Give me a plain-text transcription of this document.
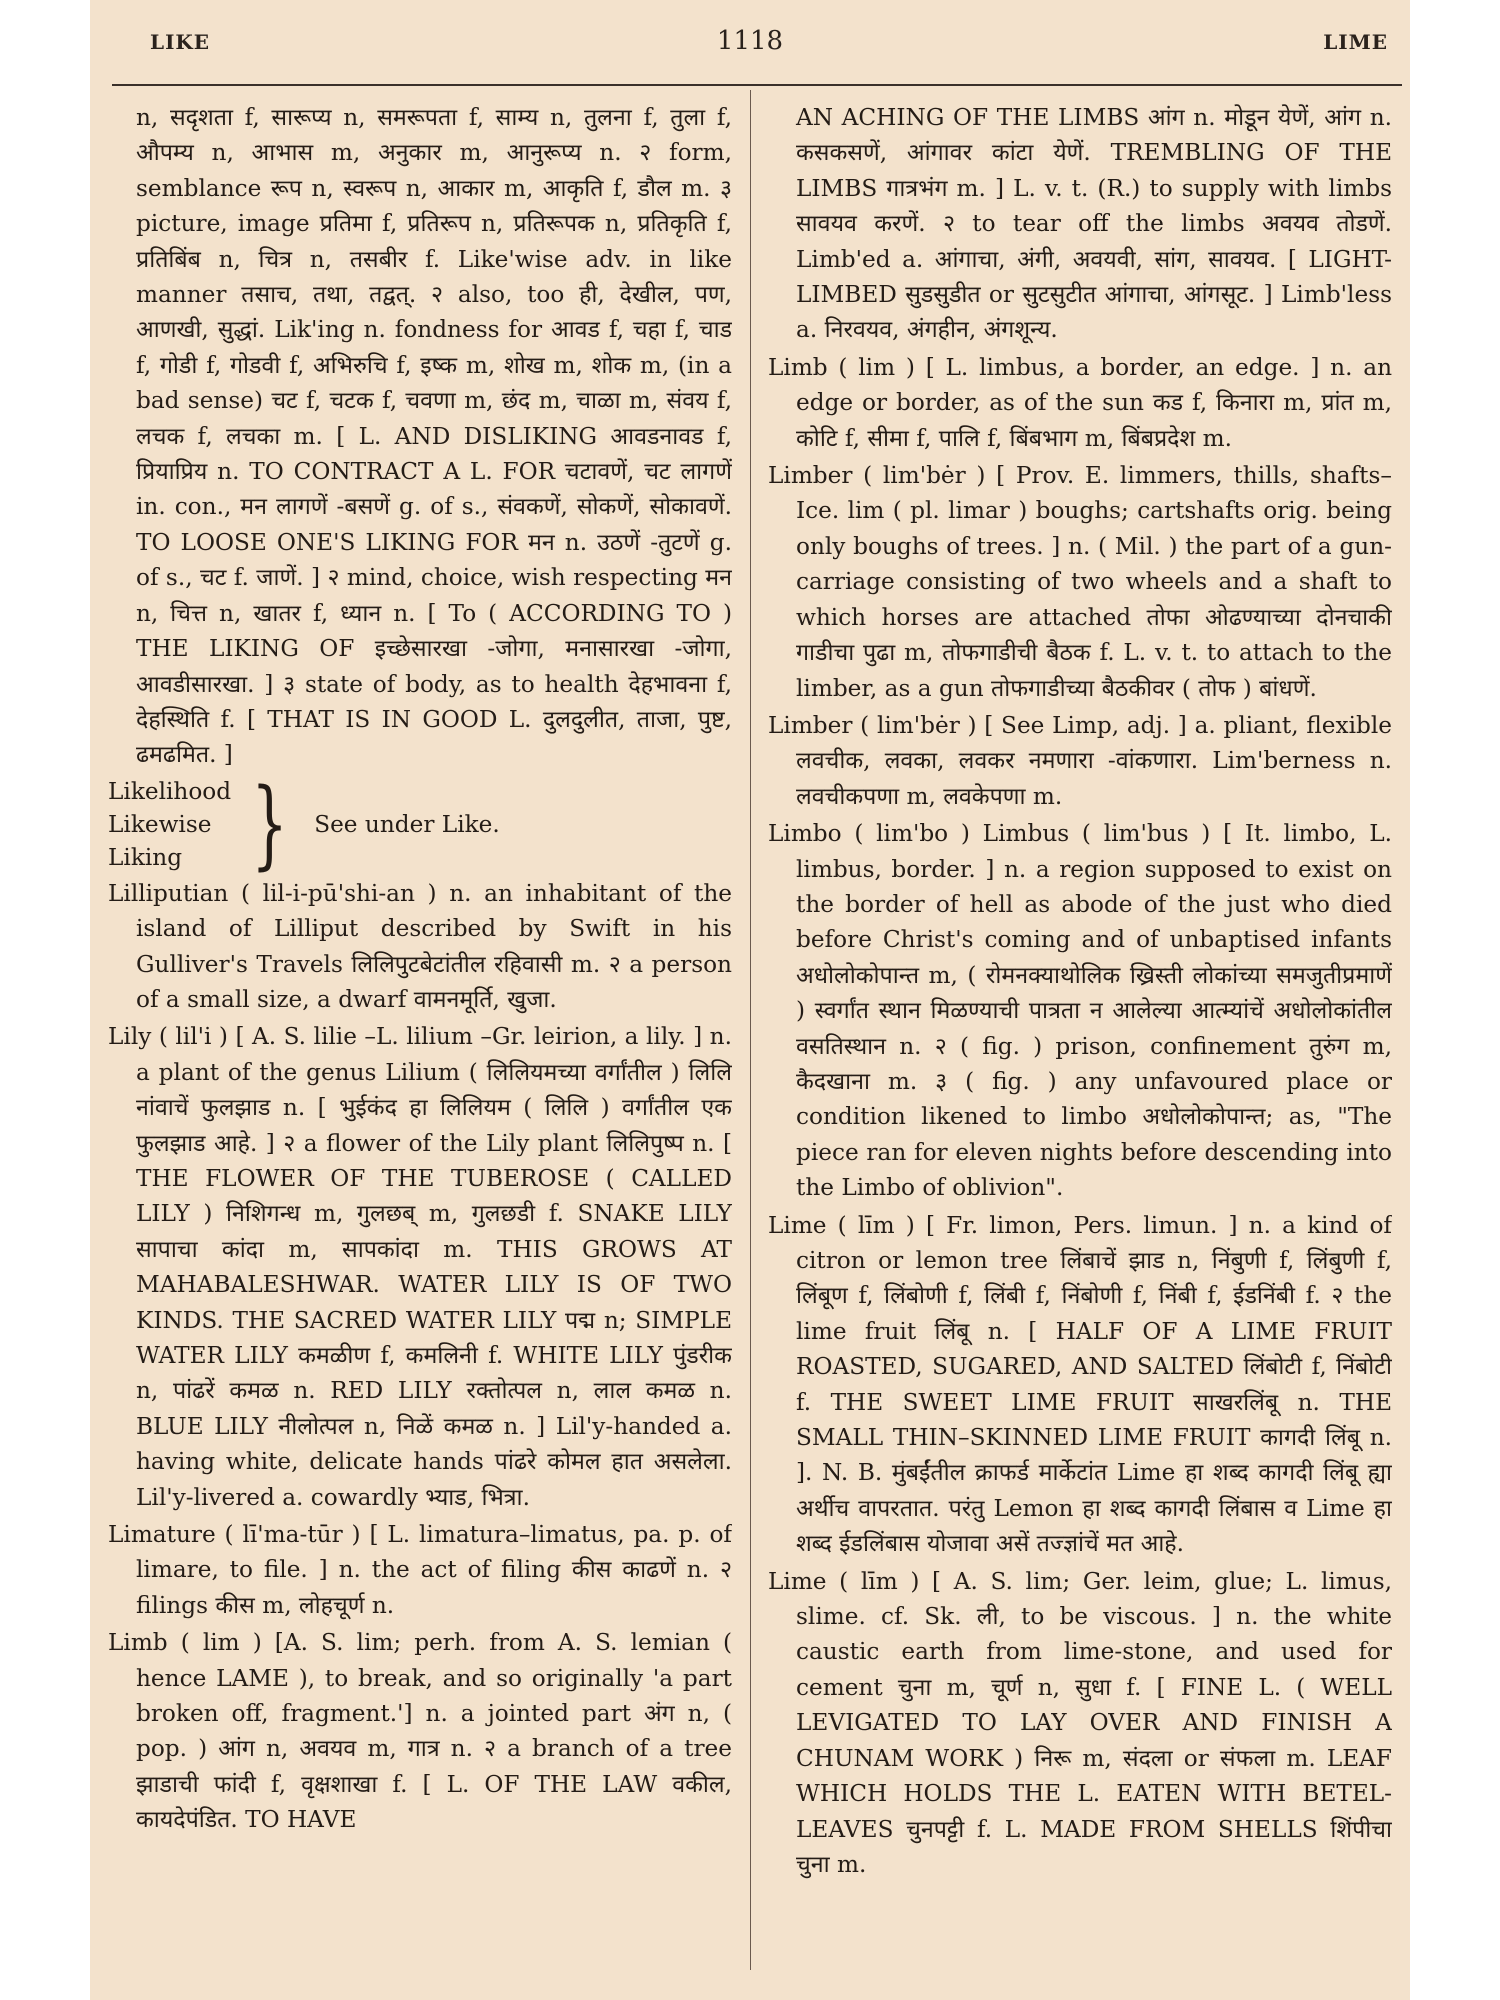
LIKE	1118	LIME

n, सदृशता f, सारूप्य n, समरूपता f, साम्य n, तुलना f, तुला f, औपम्य n, आभास m, अनुकार m, आनुरूप्य n. २ form, semblance रूप n, स्वरूप n, आकार m, आकृति f, डौल m. ३ picture, image प्रतिमा f, प्रतिरूप n, प्रतिरूपक n, प्रतिकृति f, प्रतिबिंब n, चित्र n, तसबीर f. Like'wise adv. in like manner तसाच, तथा, तद्वत्. २ also, too ही, देखील, पण, आणखी, सुद्धां. Lik'ing n. fondness for आवड f, चहा f, चाड f, गोडी f, गोडवी f, अभिरुचि f, इष्क m, शोख m, शोक m, (in a bad sense) चट f, चटक f, चवणा m, छंद m, चाळा m, संवय f, लचक f, लचका m. [ L. AND DISLIKING आवडनावड f, प्रियाप्रिय n. TO CONTRACT A L. FOR चटावणें, चट लागणें in. con., मन लागणें -बसणें g. of s., संवकणें, सोकणें, सोकावणें. TO LOOSE ONE'S LIKING FOR मन n. उठणें -तुटणें g. of s., चट f. जाणें. ] २ mind, choice, wish respecting मन n, चित्त n, खातर f, ध्यान n. [ To ( ACCORDING TO ) THE LIKING OF इच्छेसारखा -जोगा, मनासारखा -जोगा, आवडीसारखा. ] ३ state of body, as to health देहभावना f, देहस्थिति f. [ THAT IS IN GOOD L. दुलदुलीत, ताजा, पुष्ट, ढमढमित. ]

Likelihood
Likewise
Liking } See under Like.

Lilliputian ( lil-i-pū'shi-an ) n. an inhabitant of the island of Lilliput described by Swift in his Gulliver's Travels लिलिपुटबेटांतील रहिवासी m. २ a person of a small size, a dwarf वामनमूर्ति, खुजा.

Lily ( lil'i ) [ A. S. lilie –L. lilium –Gr. leirion, a lily. ] n. a plant of the genus Lilium ( लिलियमच्या वर्गांतील ) लिलि नांवाचें फुलझाड n. [ भुईकंद हा लिलियम ( लिलि ) वर्गांतील एक फुलझाड आहे. ] २ a flower of the Lily plant लिलिपुष्प n. [ THE FLOWER OF THE TUBEROSE ( CALLED LILY ) निशिगन्ध m, गुलछब् m, गुलछडी f. SNAKE LILY सापाचा कांदा m, सापकांदा m. THIS GROWS AT MAHABALESHWAR. WATER LILY IS OF TWO KINDS. THE SACRED WATER LILY पद्म n; SIMPLE WATER LILY कमळीण f, कमलिनी f. WHITE LILY पुंडरीक n, पांढरें कमळ n. RED LILY रक्तोत्पल n, लाल कमळ n. BLUE LILY नीलोत्पल n, निळें कमळ n. ] Lil'y-handed a. having white, delicate hands पांढरे कोमल हात असलेला. Lil'y-livered a. cowardly भ्याड, भित्रा.

Limature ( lī'ma-tūr ) [ L. limatura–limatus, pa. p. of limare, to file. ] n. the act of filing कीस काढणें n. २ filings कीस m, लोहचूर्ण n.

Limb ( lim ) [A. S. lim; perh. from A. S. lemian ( hence LAME ), to break, and so originally 'a part broken off, fragment.'] n. a jointed part अंग n, ( pop. ) आंग n, अवयव m, गात्र n. २ a branch of a tree झाडाची फांदी f, वृक्षशाखा f. [ L. OF THE LAW वकील, कायदेपंडित. TO HAVE

AN ACHING OF THE LIMBS आंग n. मोडून येणें, आंग n. कसकसणें, आंगावर कांटा येणें. TREMBLING OF THE LIMBS गात्रभंग m. ] L. v. t. (R.) to supply with limbs सावयव करणें. २ to tear off the limbs अवयव तोडणें. Limb'ed a. आंगाचा, अंगी, अवयवी, सांग, सावयव. [ LIGHT-LIMBED सुडसुडीत or सुटसुटीत आंगाचा, आंगसूट. ] Limb'less a. निरवयव, अंगहीन, अंगशून्य.

Limb ( lim ) [ L. limbus, a border, an edge. ] n. an edge or border, as of the sun कड f, किनारा m, प्रांत m, कोटि f, सीमा f, पालि f, बिंबभाग m, बिंबप्रदेश m.

Limber ( lim'bėr ) [ Prov. E. limmers, thills, shafts–Ice. lim ( pl. limar ) boughs; cartshafts orig. being only boughs of trees. ] n. ( Mil. ) the part of a gun-carriage consisting of two wheels and a shaft to which horses are attached तोफा ओढण्याच्या दोनचाकी गाडीचा पुढा m, तोफगाडीची बैठक f. L. v. t. to attach to the limber, as a gun तोफगाडीच्या बैठकीवर ( तोफ ) बांधणें.

Limber ( lim'bėr ) [ See Limp, adj. ] a. pliant, flexible लवचीक, लवका, लवकर नमणारा -वांकणारा. Lim'berness n. लवचीकपणा m, लवकेपणा m.

Limbo ( lim'bo ) Limbus ( lim'bus ) [ It. limbo, L. limbus, border. ] n. a region supposed to exist on the border of hell as abode of the just who died before Christ's coming and of unbaptised infants अधोलोकोपान्त m, ( रोमनक्याथोलिक ख्रिस्ती लोकांच्या समजुतीप्रमाणें ) स्वर्गांत स्थान मिळण्याची पात्रता न आलेल्या आत्म्यांचें अधोलोकांतील वसतिस्थान n. २ ( fig. ) prison, confinement तुरुंग m, कैदखाना m. ३ ( fig. ) any unfavoured place or condition likened to limbo अधोलोकोपान्त; as, "The piece ran for eleven nights before descending into the Limbo of oblivion".

Lime ( līm ) [ Fr. limon, Pers. limun. ] n. a kind of citron or lemon tree लिंबाचें झाड n, निंबुणी f, लिंबुणी f, लिंबूण f, लिंबोणी f, लिंबी f, निंबोणी f, निंबी f, ईडनिंबी f. २ the lime fruit लिंबू n. [ HALF OF A LIME FRUIT ROASTED, SUGARED, AND SALTED लिंबोटी f, निंबोटी f. THE SWEET LIME FRUIT साखरलिंबू n. THE SMALL THIN–SKINNED LIME FRUIT कागदी लिंबू n. ]. N. B. मुंबईंतील क्राफर्ड मार्केटांत Lime हा शब्द कागदी लिंबू ह्या अर्थीच वापरतात. परंतु Lemon हा शब्द कागदी लिंबास व Lime हा शब्द ईडलिंबास योजावा असें तज्ज्ञांचें मत आहे.

Lime ( līm ) [ A. S. lim; Ger. leim, glue; L. limus, slime. cf. Sk. ली, to be viscous. ] n. the white caustic earth from lime-stone, and used for cement चुना m, चूर्ण n, सुधा f. [ FINE L. ( WELL LEVIGATED TO LAY OVER AND FINISH A CHUNAM WORK ) निरू m, संदला or संफला m. LEAF WHICH HOLDS THE L. EATEN WITH BETEL-LEAVES चुनपट्टी f. L. MADE FROM SHELLS शिंपीचा चुना m.
